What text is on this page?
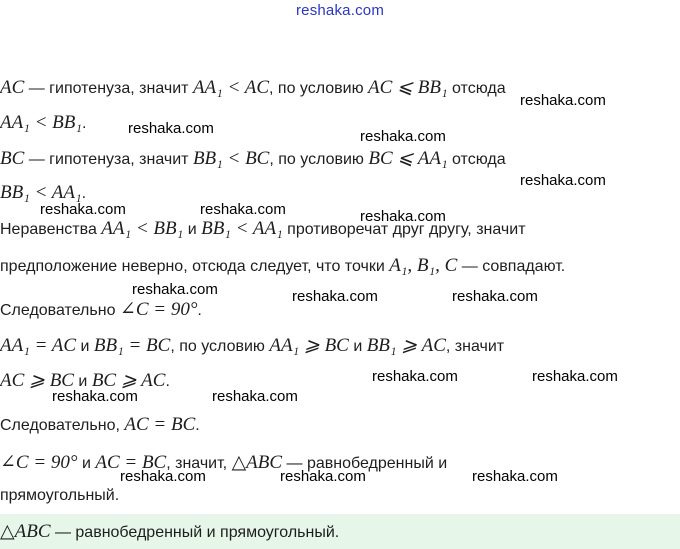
reshaka.com
AC — гипотенуза, значит AA₁ < AC, по условию AC ⩽ BB₁ отсюда
AA₁ < BB₁.
BC — гипотенуза, значит BB₁ < BC, по условию BC ⩽ AA₁ отсюда
BB₁ < AA₁.
Неравенства AA₁ < BB₁ и BB₁ < AA₁ противоречат друг другу, значит
предположение неверно, отсюда следует, что точки A₁, B₁, C — совпадают.
Следовательно ∠C = 90°.
AA₁ = AC и BB₁ = BC, по условию AA₁ ⩾ BC и BB₁ ⩾ AC, значит
AC ⩾ BC и BC ⩾ AC.
Следовательно, AC = BC.
∠C = 90° и AC = BC, значит, △ABC — равнобедренный и
прямоугольный.
△ABC — равнобедренный и прямоугольный.
reshaka.com
reshaka.com	reshaka.com
reshaka.com
reshaka.com	reshaka.com	reshaka.com
reshaka.com	reshaka.com	reshaka.com
reshaka.com	reshaka.com
reshaka.com	reshaka.com
reshaka.com	reshaka.com	reshaka.com
